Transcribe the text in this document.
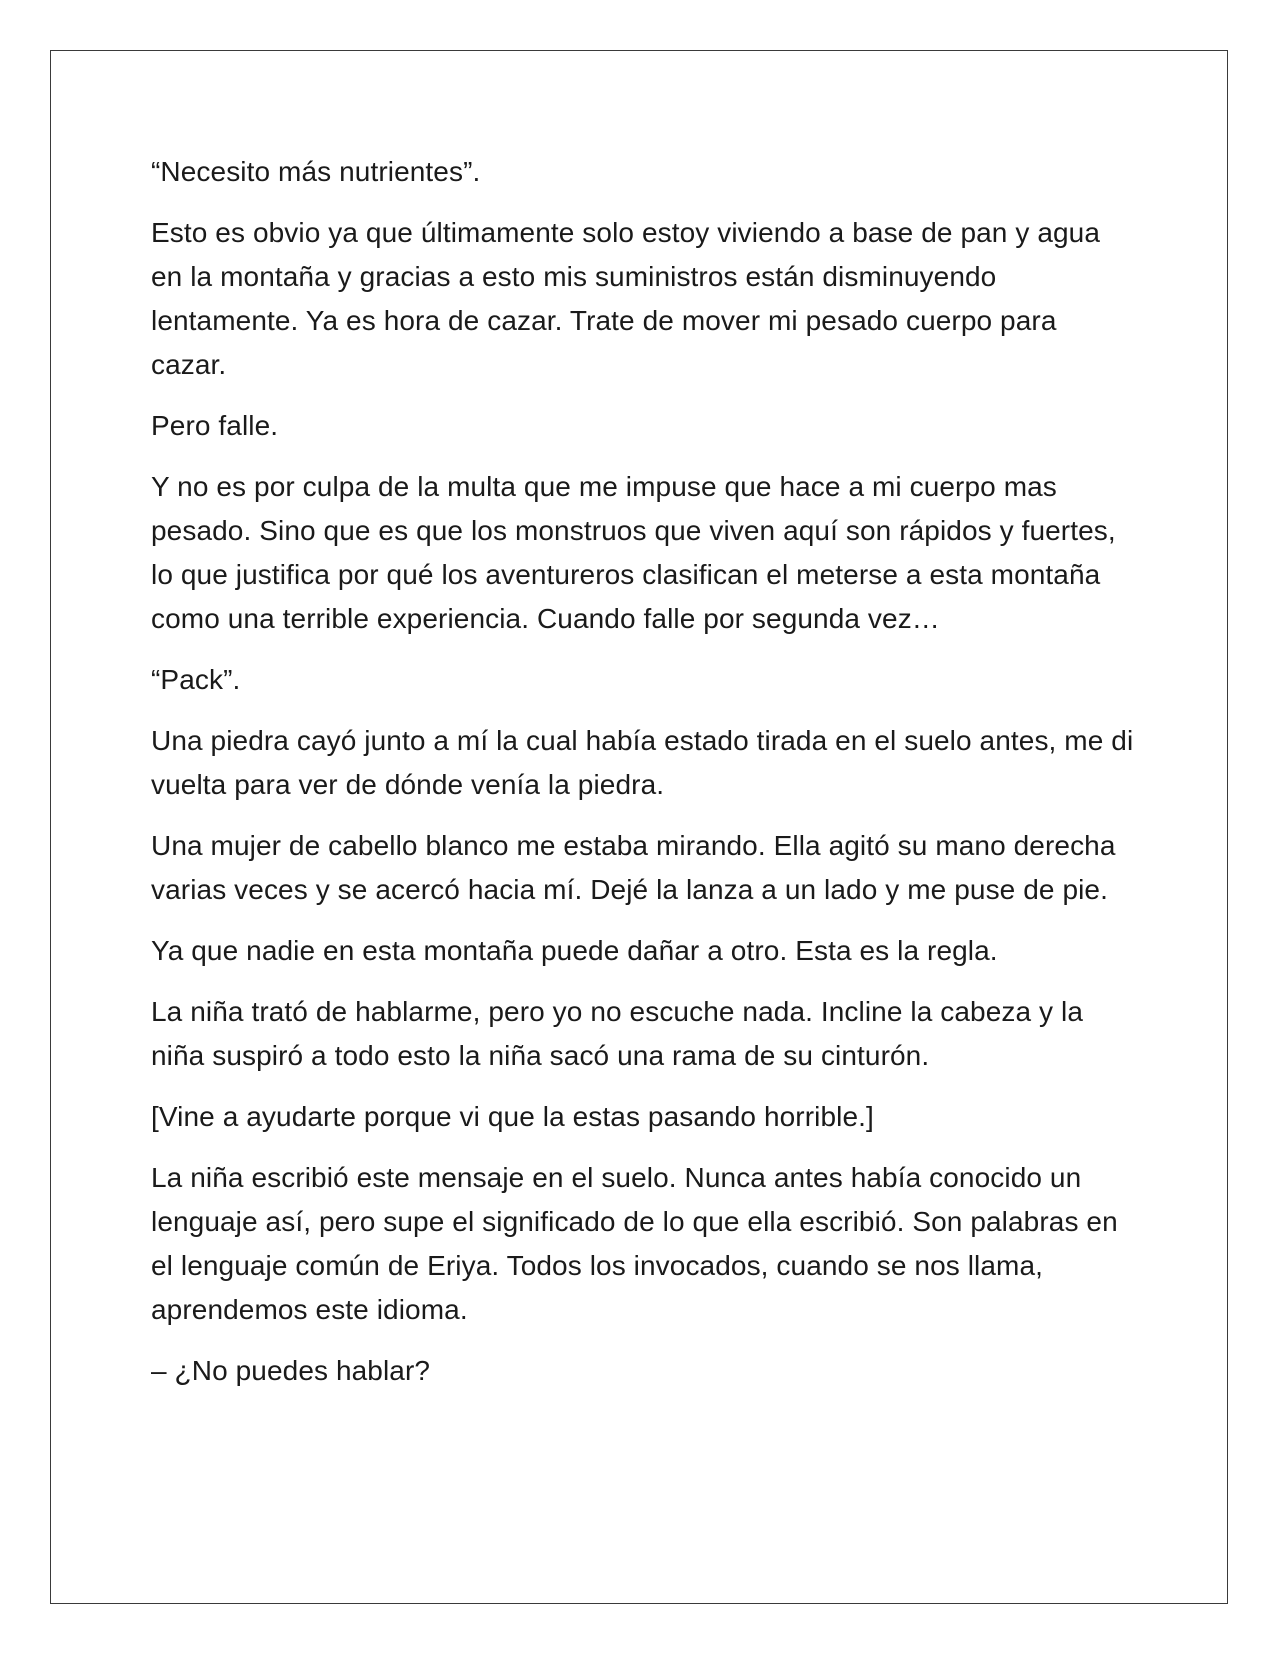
“Necesito más nutrientes”.

Esto es obvio ya que últimamente solo estoy viviendo a base de pan y agua en la montaña y gracias a esto mis suministros están disminuyendo lentamente. Ya es hora de cazar. Trate de mover mi pesado cuerpo para cazar.

Pero falle.

Y no es por culpa de la multa que me impuse que hace a mi cuerpo mas pesado. Sino que es que los monstruos que viven aquí son rápidos y fuertes, lo que justifica por qué los aventureros clasifican el meterse a esta montaña como una terrible experiencia. Cuando falle por segunda vez…

“Pack”.

Una piedra cayó junto a mí la cual había estado tirada en el suelo antes, me di vuelta para ver de dónde venía la piedra.

Una mujer de cabello blanco me estaba mirando. Ella agitó su mano derecha varias veces y se acercó hacia mí. Dejé la lanza a un lado y me puse de pie.

Ya que nadie en esta montaña puede dañar a otro. Esta es la regla.

La niña trató de hablarme, pero yo no escuche nada. Incline la cabeza y la niña suspiró a todo esto la niña sacó una rama de su cinturón.

[Vine a ayudarte porque vi que la estas pasando horrible.]

La niña escribió este mensaje en el suelo. Nunca antes había conocido un lenguaje así, pero supe el significado de lo que ella escribió. Son palabras en el lenguaje común de Eriya. Todos los invocados, cuando se nos llama, aprendemos este idioma.

– ¿No puedes hablar?
